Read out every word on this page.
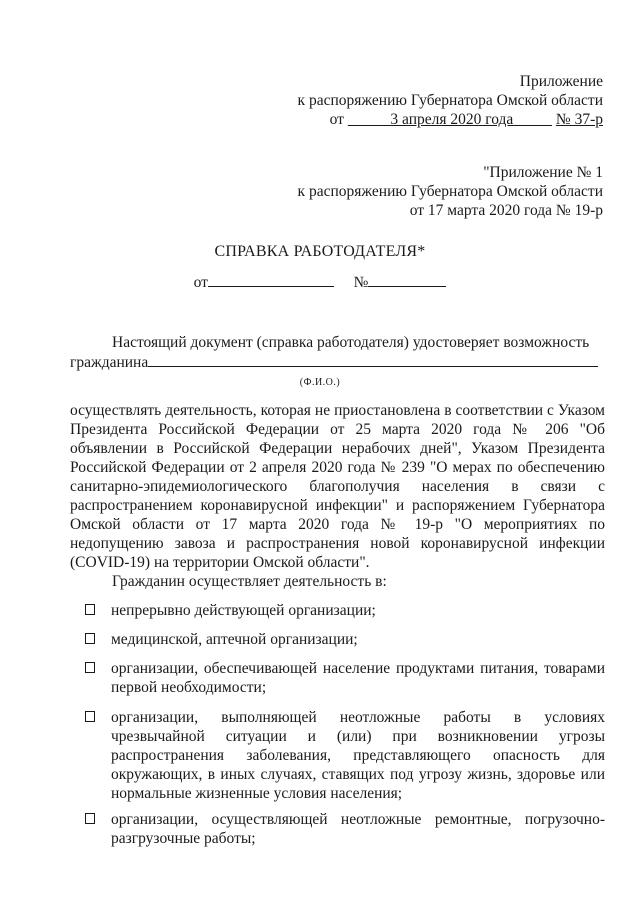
Приложение
к распоряжению Губернатора Омской области
от	3 апреля 2020 года	№ 37-р
"Приложение № 1
к распоряжению Губернатора Омской области
от 17 марта 2020 года № 19-р
СПРАВКА РАБОТОДАТЕЛЯ*
от	№
Настоящий документ (справка работодателя) удостоверяет возможность
гражданина
(Ф.И.О.)
осуществлять деятельность, которая не приостановлена в соответствии с Указом Президента Российской Федерации от 25 марта 2020 года № 206 "Об объявлении в Российской Федерации нерабочих дней", Указом Президента Российской Федерации от 2 апреля 2020 года № 239 "О мерах по обеспечению санитарно-эпидемиологического благополучия населения в связи с распространением коронавирусной инфекции" и распоряжением Губернатора Омской области от 17 марта 2020 года № 19-р "О мероприятиях по недопущению завоза и распространения новой коронавирусной инфекции (COVID-19) на территории Омской области".
Гражданин осуществляет деятельность в:
непрерывно действующей организации;
медицинской, аптечной организации;
организации, обеспечивающей население продуктами питания, товарами первой необходимости;
организации, выполняющей неотложные работы в условиях чрезвычайной ситуации и (или) при возникновении угрозы распространения заболевания, представляющего опасность для окружающих, в иных случаях, ставящих под угрозу жизнь, здоровье или нормальные жизненные условия населения;
организации, осуществляющей неотложные ремонтные, погрузочно-разгрузочные работы;
